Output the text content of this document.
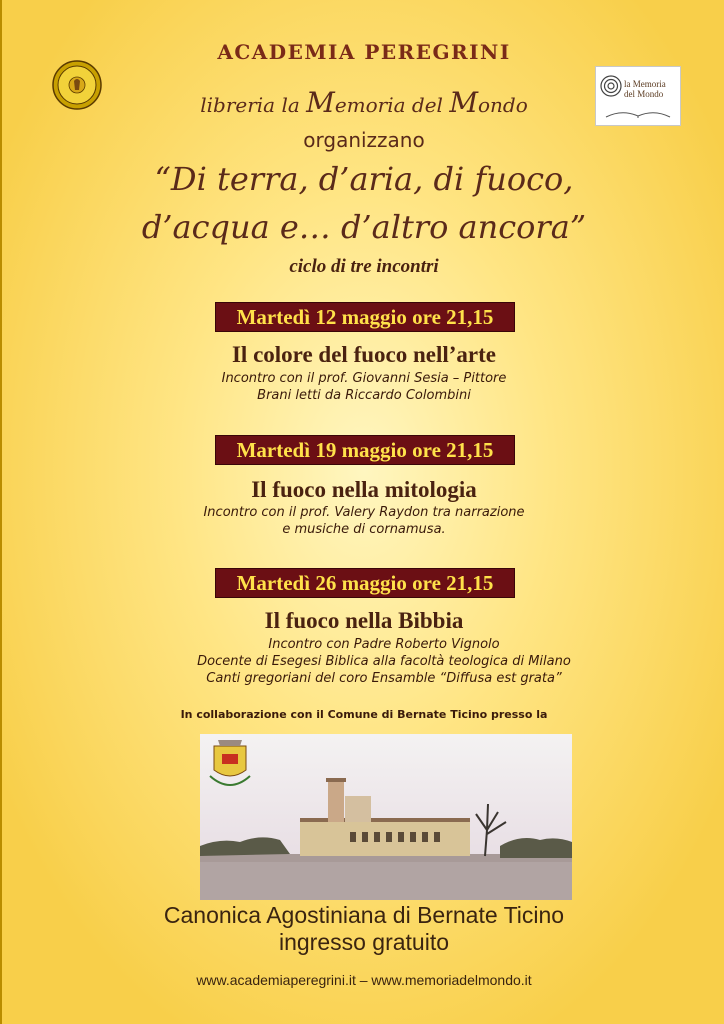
la Memoria
del Mondo
ACADEMIA PEREGRINI
libreria la Memoria del Mondo
organizzano
“Di terra, d’aria, di fuoco,
d’acqua e… d’altro ancora”
ciclo di tre incontri
Martedì 12 maggio ore 21,15
Il colore del fuoco nell’arte
Incontro con il prof. Giovanni Sesia – Pittore
Brani letti da Riccardo Colombini
Martedì 19 maggio ore 21,15
Il fuoco nella mitologia
Incontro con il prof. Valery Raydon tra narrazione
e musiche di cornamusa.
Martedì 26 maggio ore 21,15
Il fuoco nella Bibbia
Incontro con Padre Roberto Vignolo
Docente di Esegesi Biblica alla facoltà teologica di Milano
Canti gregoriani del coro Ensamble “Diffusa est grata”
In collaborazione con il Comune di Bernate Ticino presso la
Canonica Agostiniana di Bernate Ticino
ingresso gratuito
www.academiaperegrini.it – www.memoriadelmondo.it
